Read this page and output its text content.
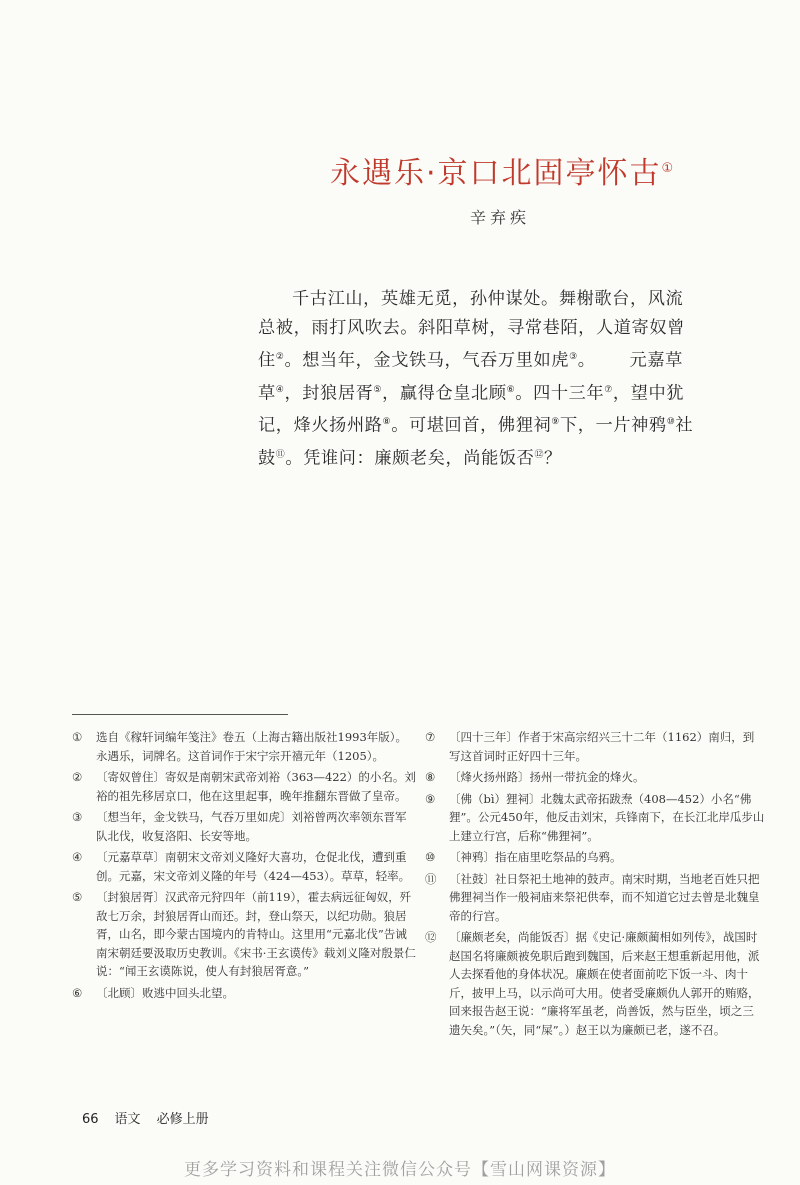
永遇乐·京口北固亭怀古①
辛弃疾

千古江山，英雄无觅，孙仲谋处。舞榭歌台，风流总被，雨打风吹去。斜阳草树，寻常巷陌，人道寄奴曾住②。想当年，金戈铁马，气吞万里如虎③。 元嘉草草④，封狼居胥⑤，赢得仓皇北顾⑥。四十三年⑦，望中犹记，烽火扬州路⑧。可堪回首，佛狸祠⑨下，一片神鸦⑩社鼓⑪。凭谁问：廉颇老矣，尚能饭否⑫？

①	选自《稼轩词编年笺注》卷五（上海古籍出版社1993年版）。永遇乐，词牌名。这首词作于宋宁宗开禧元年（1205）。
②	〔寄奴曾住〕寄奴是南朝宋武帝刘裕（363—422）的小名。刘裕的祖先移居京口，他在这里起事，晚年推翻东晋做了皇帝。
③	〔想当年，金戈铁马，气吞万里如虎〕刘裕曾两次率领东晋军队北伐，收复洛阳、长安等地。
④	〔元嘉草草〕南朝宋文帝刘义隆好大喜功，仓促北伐，遭到重创。元嘉，宋文帝刘义隆的年号（424—453）。草草，轻率。
⑤	〔封狼居胥〕汉武帝元狩四年（前119），霍去病远征匈奴，歼敌七万余，封狼居胥山而还。封，登山祭天，以纪功勋。狼居胥，山名，即今蒙古国境内的肯特山。这里用“元嘉北伐”告诫南宋朝廷要汲取历史教训。《宋书·王玄谟传》载刘义隆对殷景仁说：“闻王玄谟陈说，使人有封狼居胥意。”
⑥	〔北顾〕败逃中回头北望。
⑦	〔四十三年〕作者于宋高宗绍兴三十二年（1162）南归，到写这首词时正好四十三年。
⑧	〔烽火扬州路〕扬州一带抗金的烽火。
⑨	〔佛（bì）狸祠〕北魏太武帝拓跋焘（408—452）小名“佛狸”。公元450年，他反击刘宋，兵锋南下，在长江北岸瓜步山上建立行宫，后称“佛狸祠”。
⑩	〔神鸦〕指在庙里吃祭品的乌鸦。
⑪	〔社鼓〕社日祭祀土地神的鼓声。南宋时期，当地老百姓只把佛狸祠当作一般祠庙来祭祀供奉，而不知道它过去曾是北魏皇帝的行宫。
⑫	〔廉颇老矣，尚能饭否〕据《史记·廉颇蔺相如列传》，战国时赵国名将廉颇被免职后跑到魏国，后来赵王想重新起用他，派人去探看他的身体状况。廉颇在使者面前吃下饭一斗、肉十斤，披甲上马，以示尚可大用。使者受廉颇仇人郭开的贿赂，回来报告赵王说：“廉将军虽老，尚善饭，然与臣坐，顷之三遗矢矣。”（矢，同“屎”。）赵王以为廉颇已老，遂不召。
66 语文 必修上册
更多学习资料和课程关注微信公众号【雪山网课资源】
